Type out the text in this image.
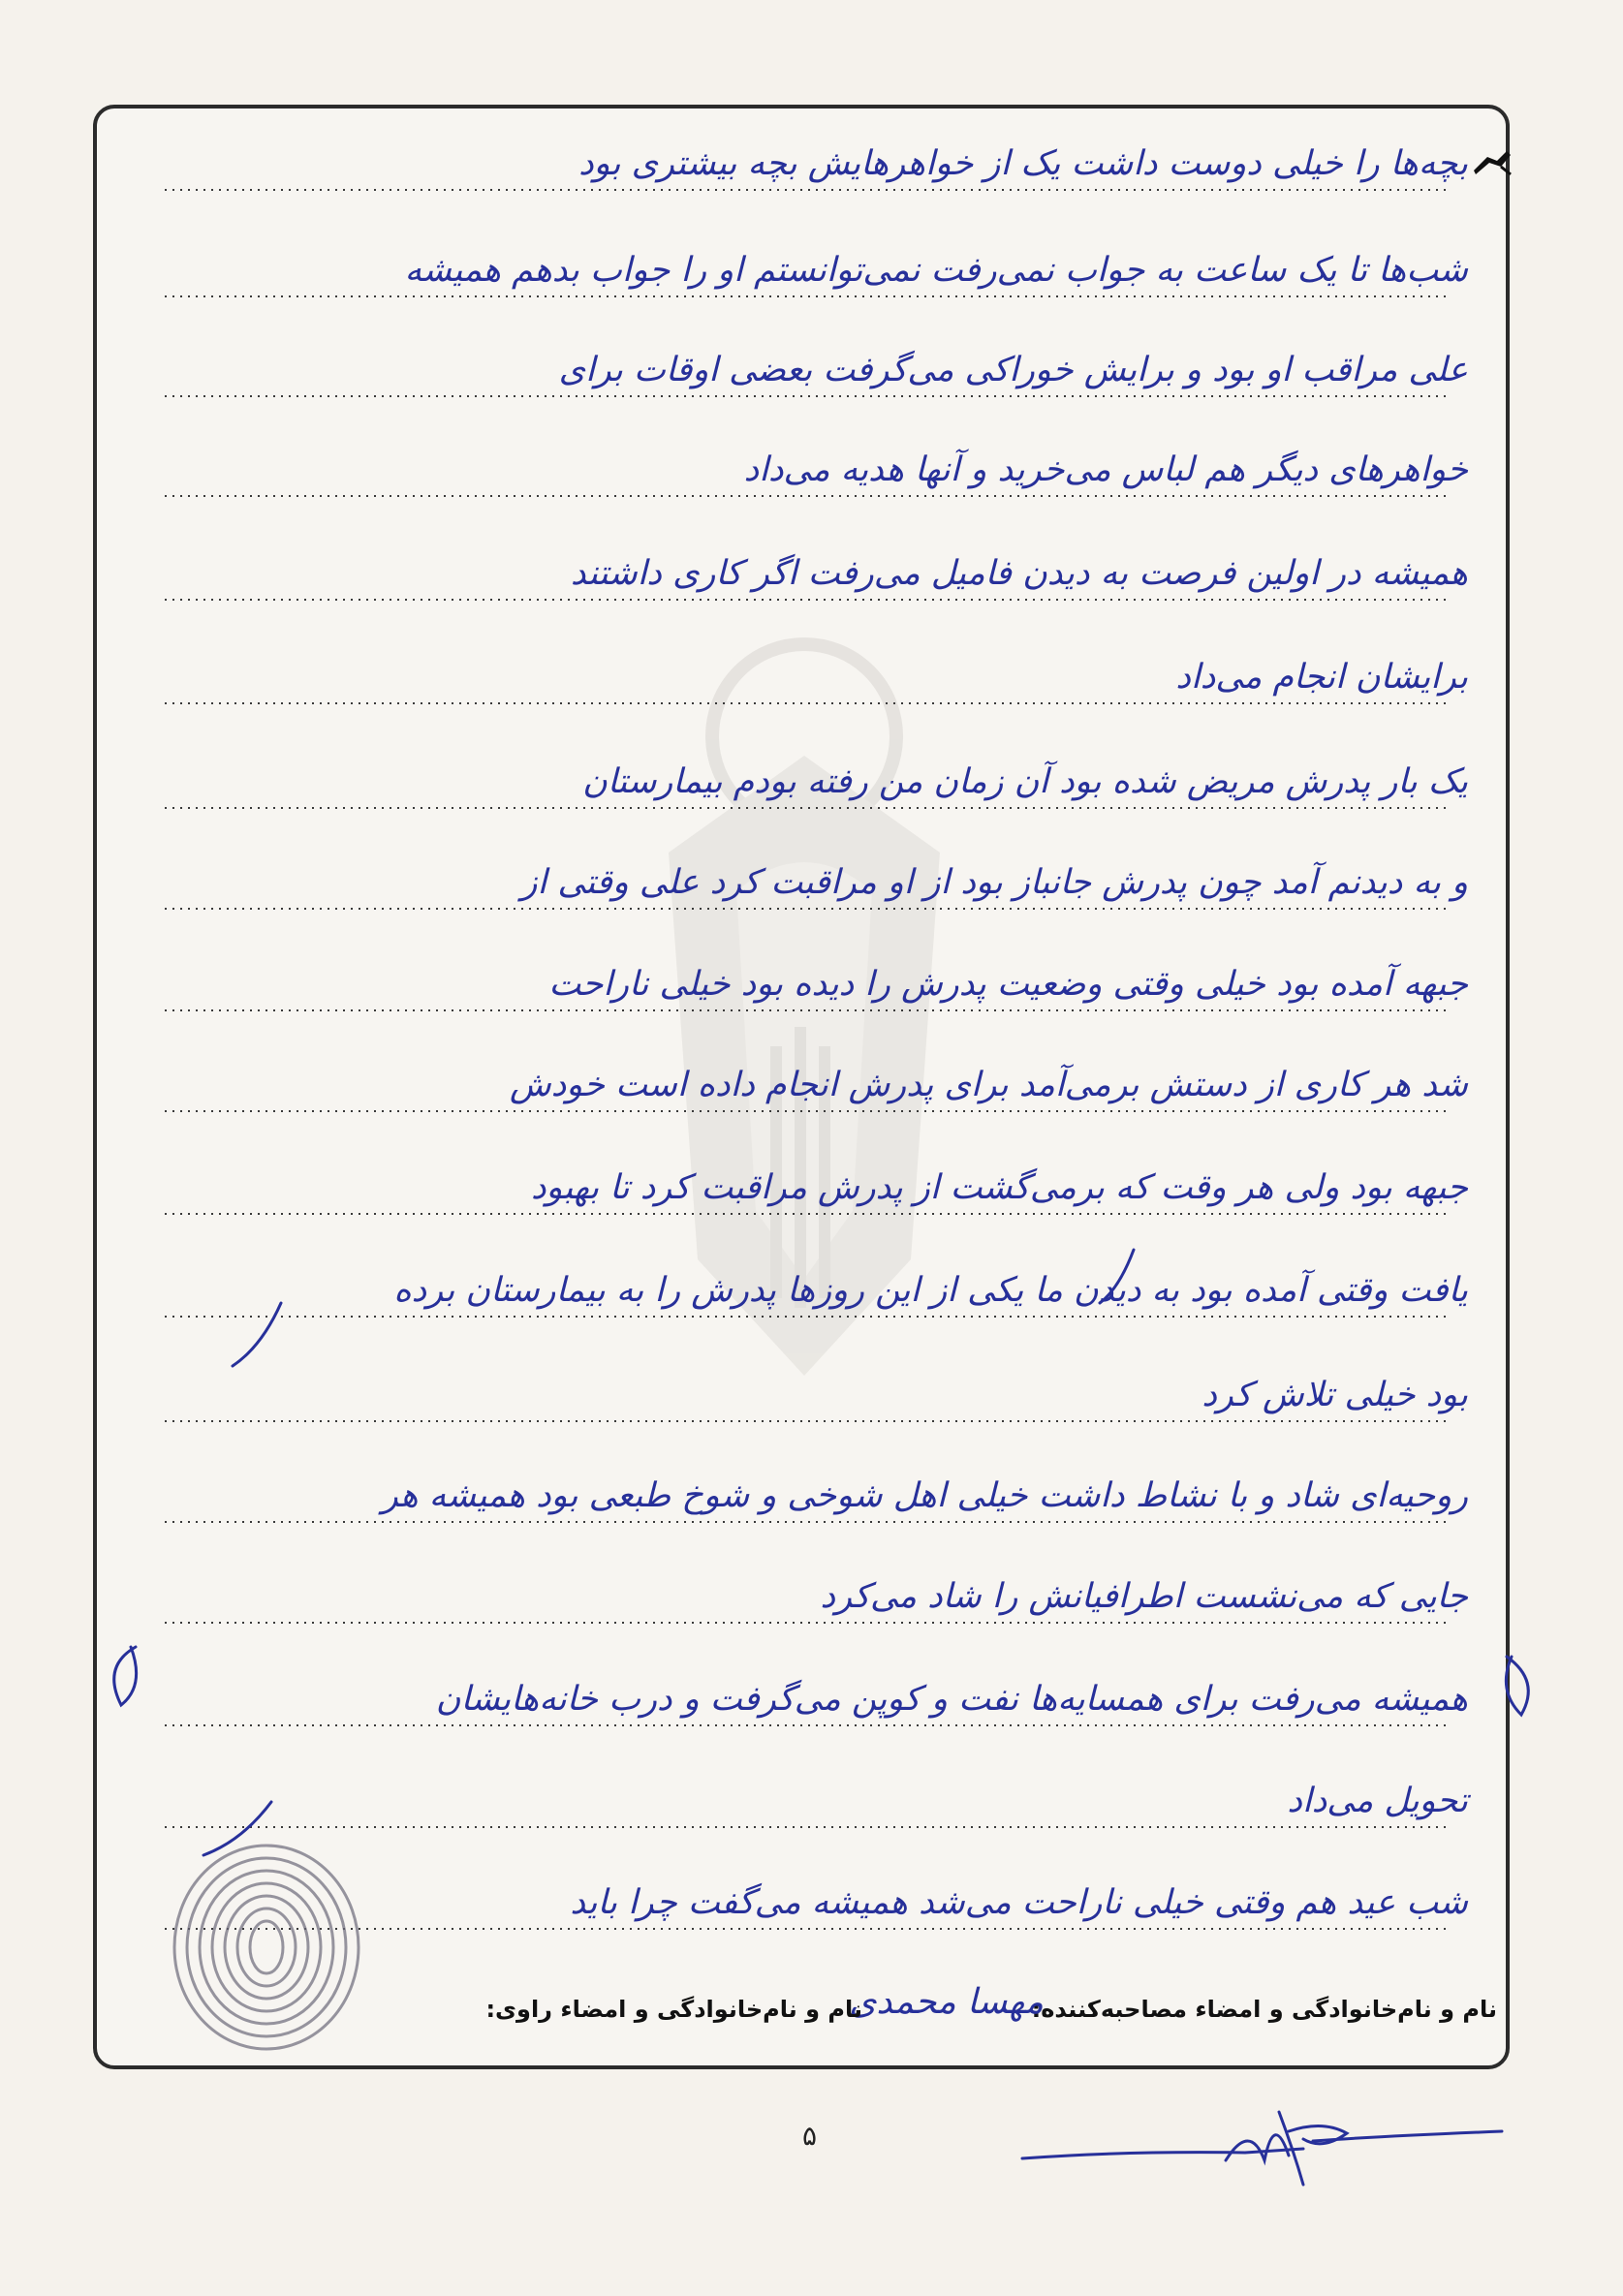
بچه‌ها را خیلی دوست داشت یک از خواهرهایش بچه بیشتری بود
شب‌ها تا یک ساعت به جواب نمی‌رفت نمی‌توانستم او را جواب بدهم همیشه
علی مراقب او بود و برایش خوراکی می‌گرفت بعضی اوقات برای
خواهرهای دیگر هم لباس می‌خرید و آنها هدیه می‌داد
همیشه در اولین فرصت به دیدن فامیل می‌رفت اگر کاری داشتند
برایشان انجام می‌داد
یک بار پدرش مریض شده بود آن زمان من رفته بودم بیمارستان
و به دیدنم آمد چون پدرش جانباز بود از او مراقبت کرد علی وقتی از
جبهه آمده بود خیلی وقتی وضعیت پدرش را دیده بود خیلی ناراحت
شد هر کاری از دستش برمی‌آمد برای پدرش انجام داده است خودش
جبهه بود ولی هر وقت که برمی‌گشت از پدرش مراقبت کرد تا بهبود
یافت وقتی آمده بود به دیدن ما یکی از این روزها پدرش را به بیمارستان برده
بود خیلی تلاش کرد
روحیه‌ای شاد و با نشاط داشت خیلی اهل شوخی و شوخ طبعی بود همیشه هر
جایی که می‌نشست اطرافیانش را شاد می‌کرد
همیشه می‌رفت برای همسایه‌ها نفت و کوپن می‌گرفت و درب خانه‌هایشان
تحویل می‌داد
شب عید هم وقتی خیلی ناراحت می‌شد همیشه می‌گفت چرا باید
نام و نام‌خانوادگی و امضاء مصاحبه‌کننده:
مهسا محمدی
نام و نام‌خانوادگی و امضاء راوی:
۵
